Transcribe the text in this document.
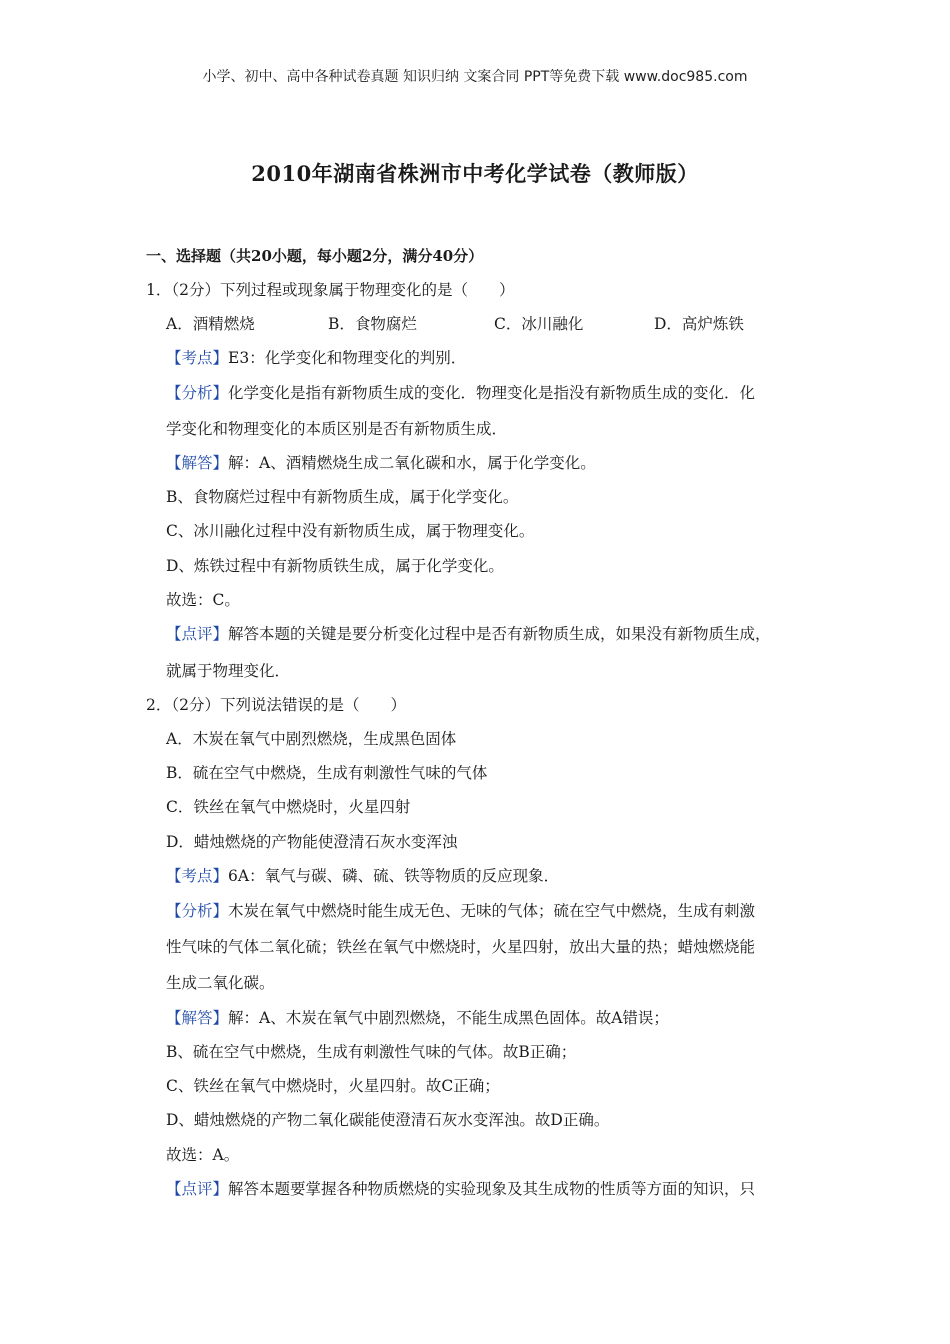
小学、初中、高中各种试卷真题 知识归纳 文案合同 PPT等免费下载 www.doc985.com
2010年湖南省株洲市中考化学试卷（教师版）
一、选择题（共20小题，每小题2分，满分40分）
1．（2分）下列过程或现象属于物理变化的是（　　）
A．酒精燃烧	B．食物腐烂	C．冰川融化	D．高炉炼铁
【考点】E3：化学变化和物理变化的判别．
【分析】化学变化是指有新物质生成的变化．物理变化是指没有新物质生成的变化．化
学变化和物理变化的本质区别是否有新物质生成．
【解答】解：A、酒精燃烧生成二氧化碳和水，属于化学变化。
B、食物腐烂过程中有新物质生成，属于化学变化。
C、冰川融化过程中没有新物质生成，属于物理变化。
D、炼铁过程中有新物质铁生成，属于化学变化。
故选：C。
【点评】解答本题的关键是要分析变化过程中是否有新物质生成，如果没有新物质生成，
就属于物理变化．
2．（2分）下列说法错误的是（　　）
A．木炭在氧气中剧烈燃烧，生成黑色固体
B．硫在空气中燃烧，生成有刺激性气味的气体
C．铁丝在氧气中燃烧时，火星四射
D．蜡烛燃烧的产物能使澄清石灰水变浑浊
【考点】6A：氧气与碳、磷、硫、铁等物质的反应现象．
【分析】木炭在氧气中燃烧时能生成无色、无味的气体；硫在空气中燃烧，生成有刺激
性气味的气体二氧化硫；铁丝在氧气中燃烧时，火星四射，放出大量的热；蜡烛燃烧能
生成二氧化碳。
【解答】解：A、木炭在氧气中剧烈燃烧，不能生成黑色固体。故A错误；
B、硫在空气中燃烧，生成有刺激性气味的气体。故B正确；
C、铁丝在氧气中燃烧时，火星四射。故C正确；
D、蜡烛燃烧的产物二氧化碳能使澄清石灰水变浑浊。故D正确。
故选：A。
【点评】解答本题要掌握各种物质燃烧的实验现象及其生成物的性质等方面的知识，只
